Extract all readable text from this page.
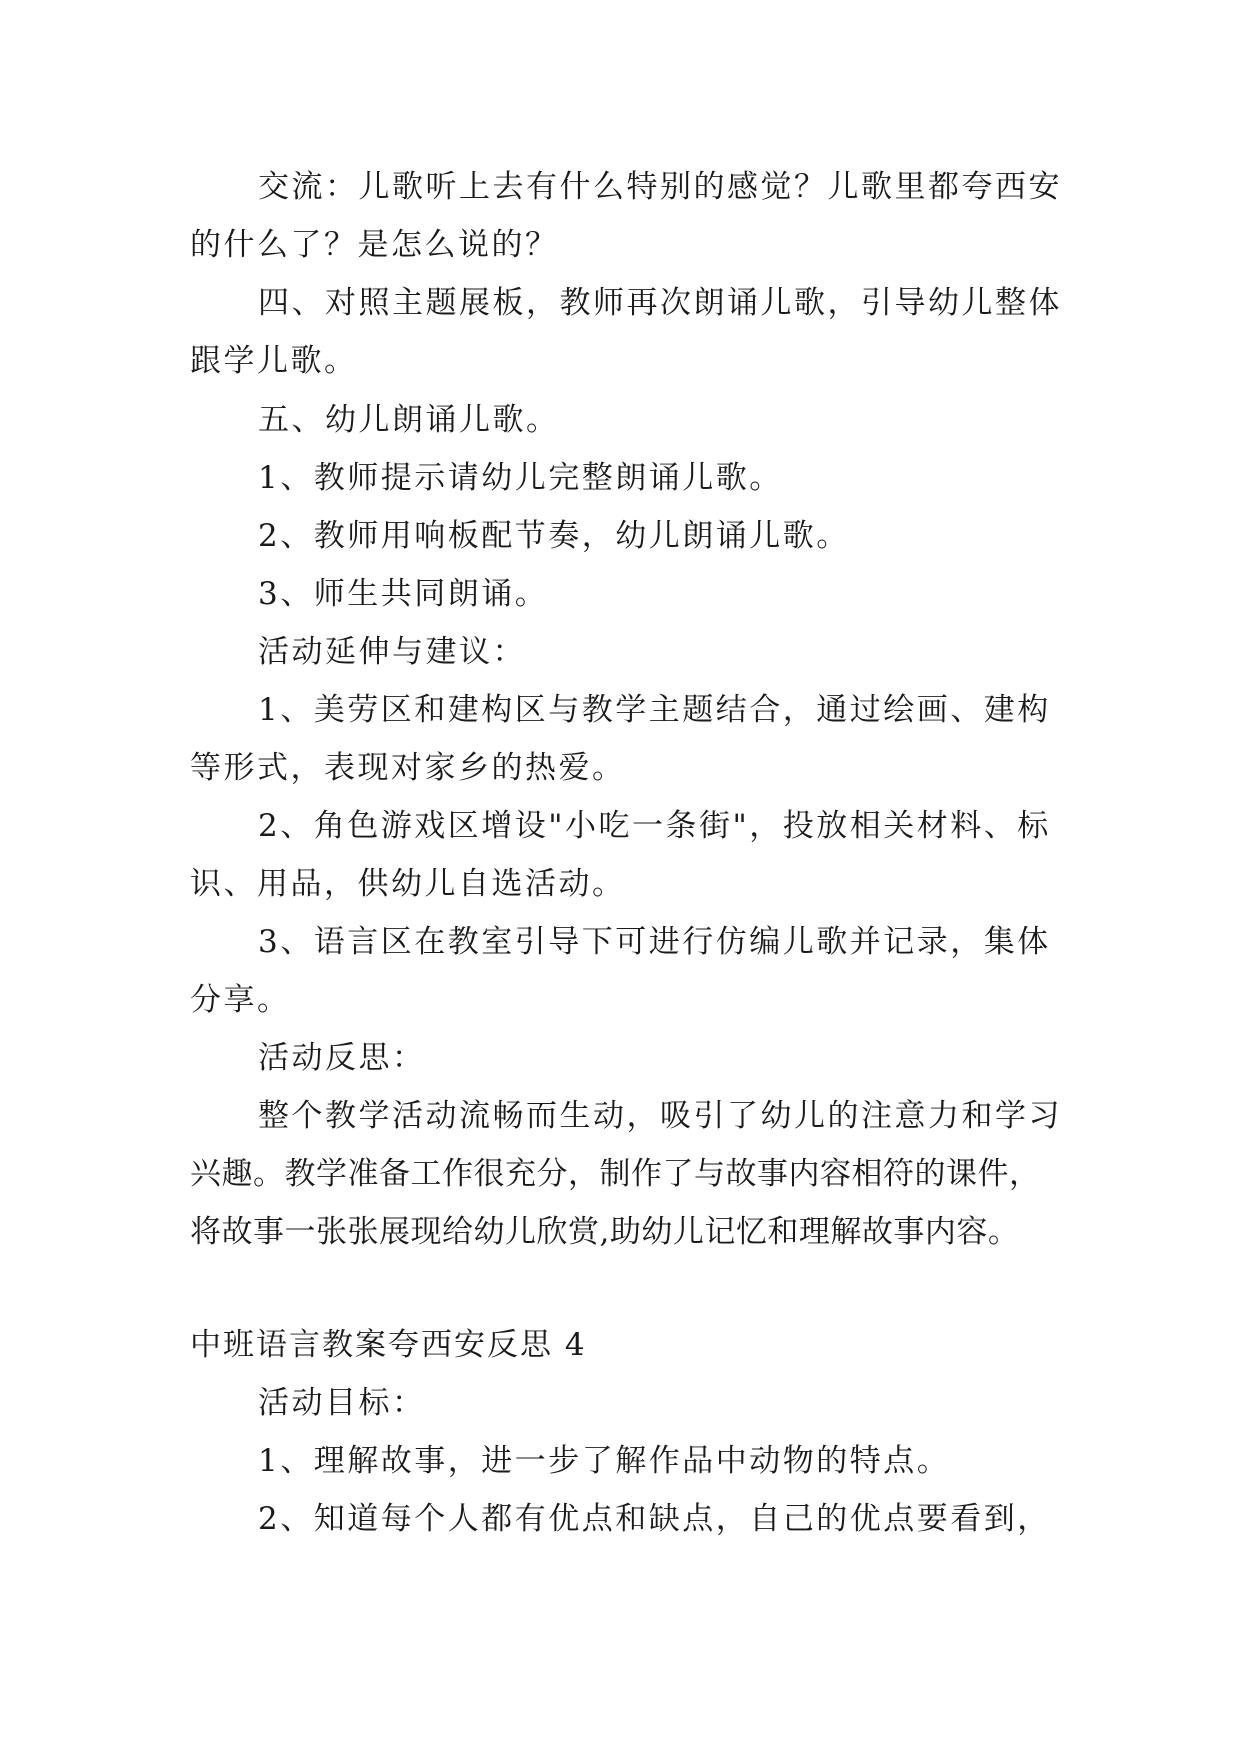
交流：儿歌听上去有什么特别的感觉？儿歌里都夸西安
的什么了？是怎么说的？
四、对照主题展板，教师再次朗诵儿歌，引导幼儿整体
跟学儿歌。
五、幼儿朗诵儿歌。
1、教师提示请幼儿完整朗诵儿歌。
2、教师用响板配节奏，幼儿朗诵儿歌。
3、师生共同朗诵。
活动延伸与建议：
1、美劳区和建构区与教学主题结合，通过绘画、建构
等形式，表现对家乡的热爱。
2、角色游戏区增设"小吃一条街"，投放相关材料、标
识、用品，供幼儿自选活动。
3、语言区在教室引导下可进行仿编儿歌并记录，集体
分享。
活动反思：
整个教学活动流畅而生动，吸引了幼儿的注意力和学习
兴趣。教学准备工作很充分，制作了与故事内容相符的课件，
将故事一张张展现给幼儿欣赏,助幼儿记忆和理解故事内容。
中班语言教案夸西安反思 4
活动目标：
1、理解故事，进一步了解作品中动物的特点。
2、知道每个人都有优点和缺点，自己的优点要看到，
